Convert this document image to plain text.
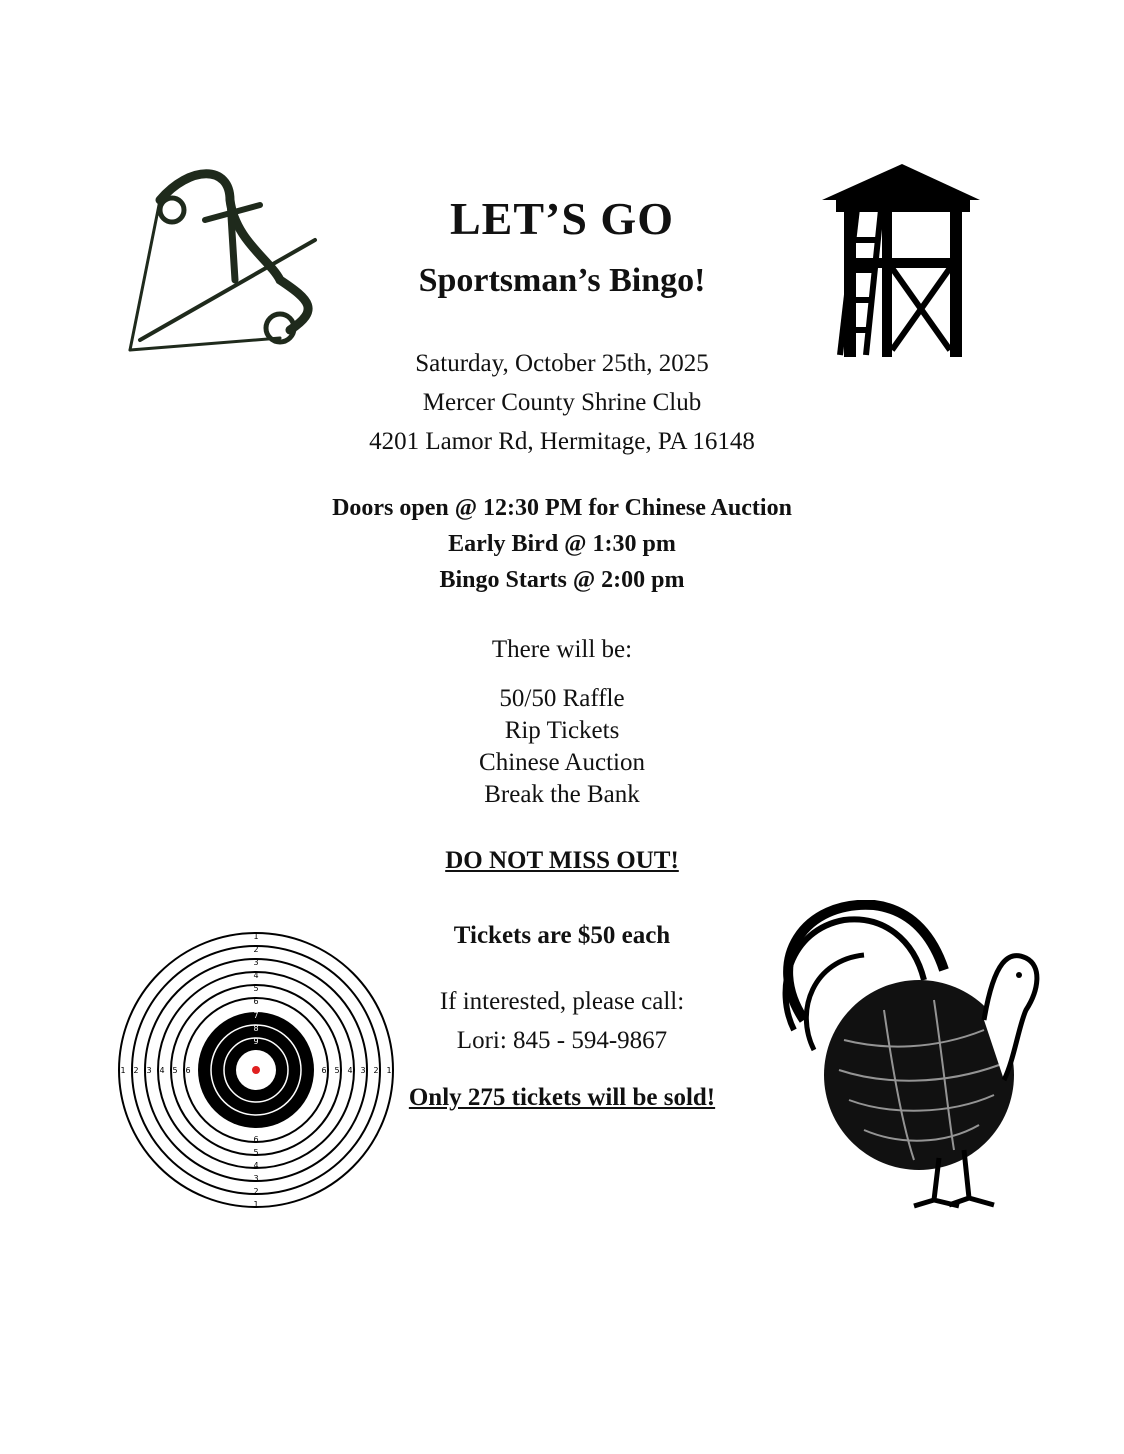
LET’S GO
Sportsman’s Bingo!
Saturday, October 25th, 2025
Mercer County Shrine Club
4201 Lamor Rd, Hermitage, PA 16148
Doors open @ 12:30 PM for Chinese Auction
Early Bird @ 1:30 pm
Bingo Starts @ 2:00 pm
There will be:
50/50 Raffle
Rip Tickets
Chinese Auction
Break the Bank
DO NOT MISS OUT!
Tickets are $50 each
If interested, please call:
Lori: 845 - 594-9867
Only 275 tickets will be sold!
1
2
3
4
5
6
7
8
9
1 2 3 4 5 6	1
2
3
4
5
6
1
2
3
4
5
6
